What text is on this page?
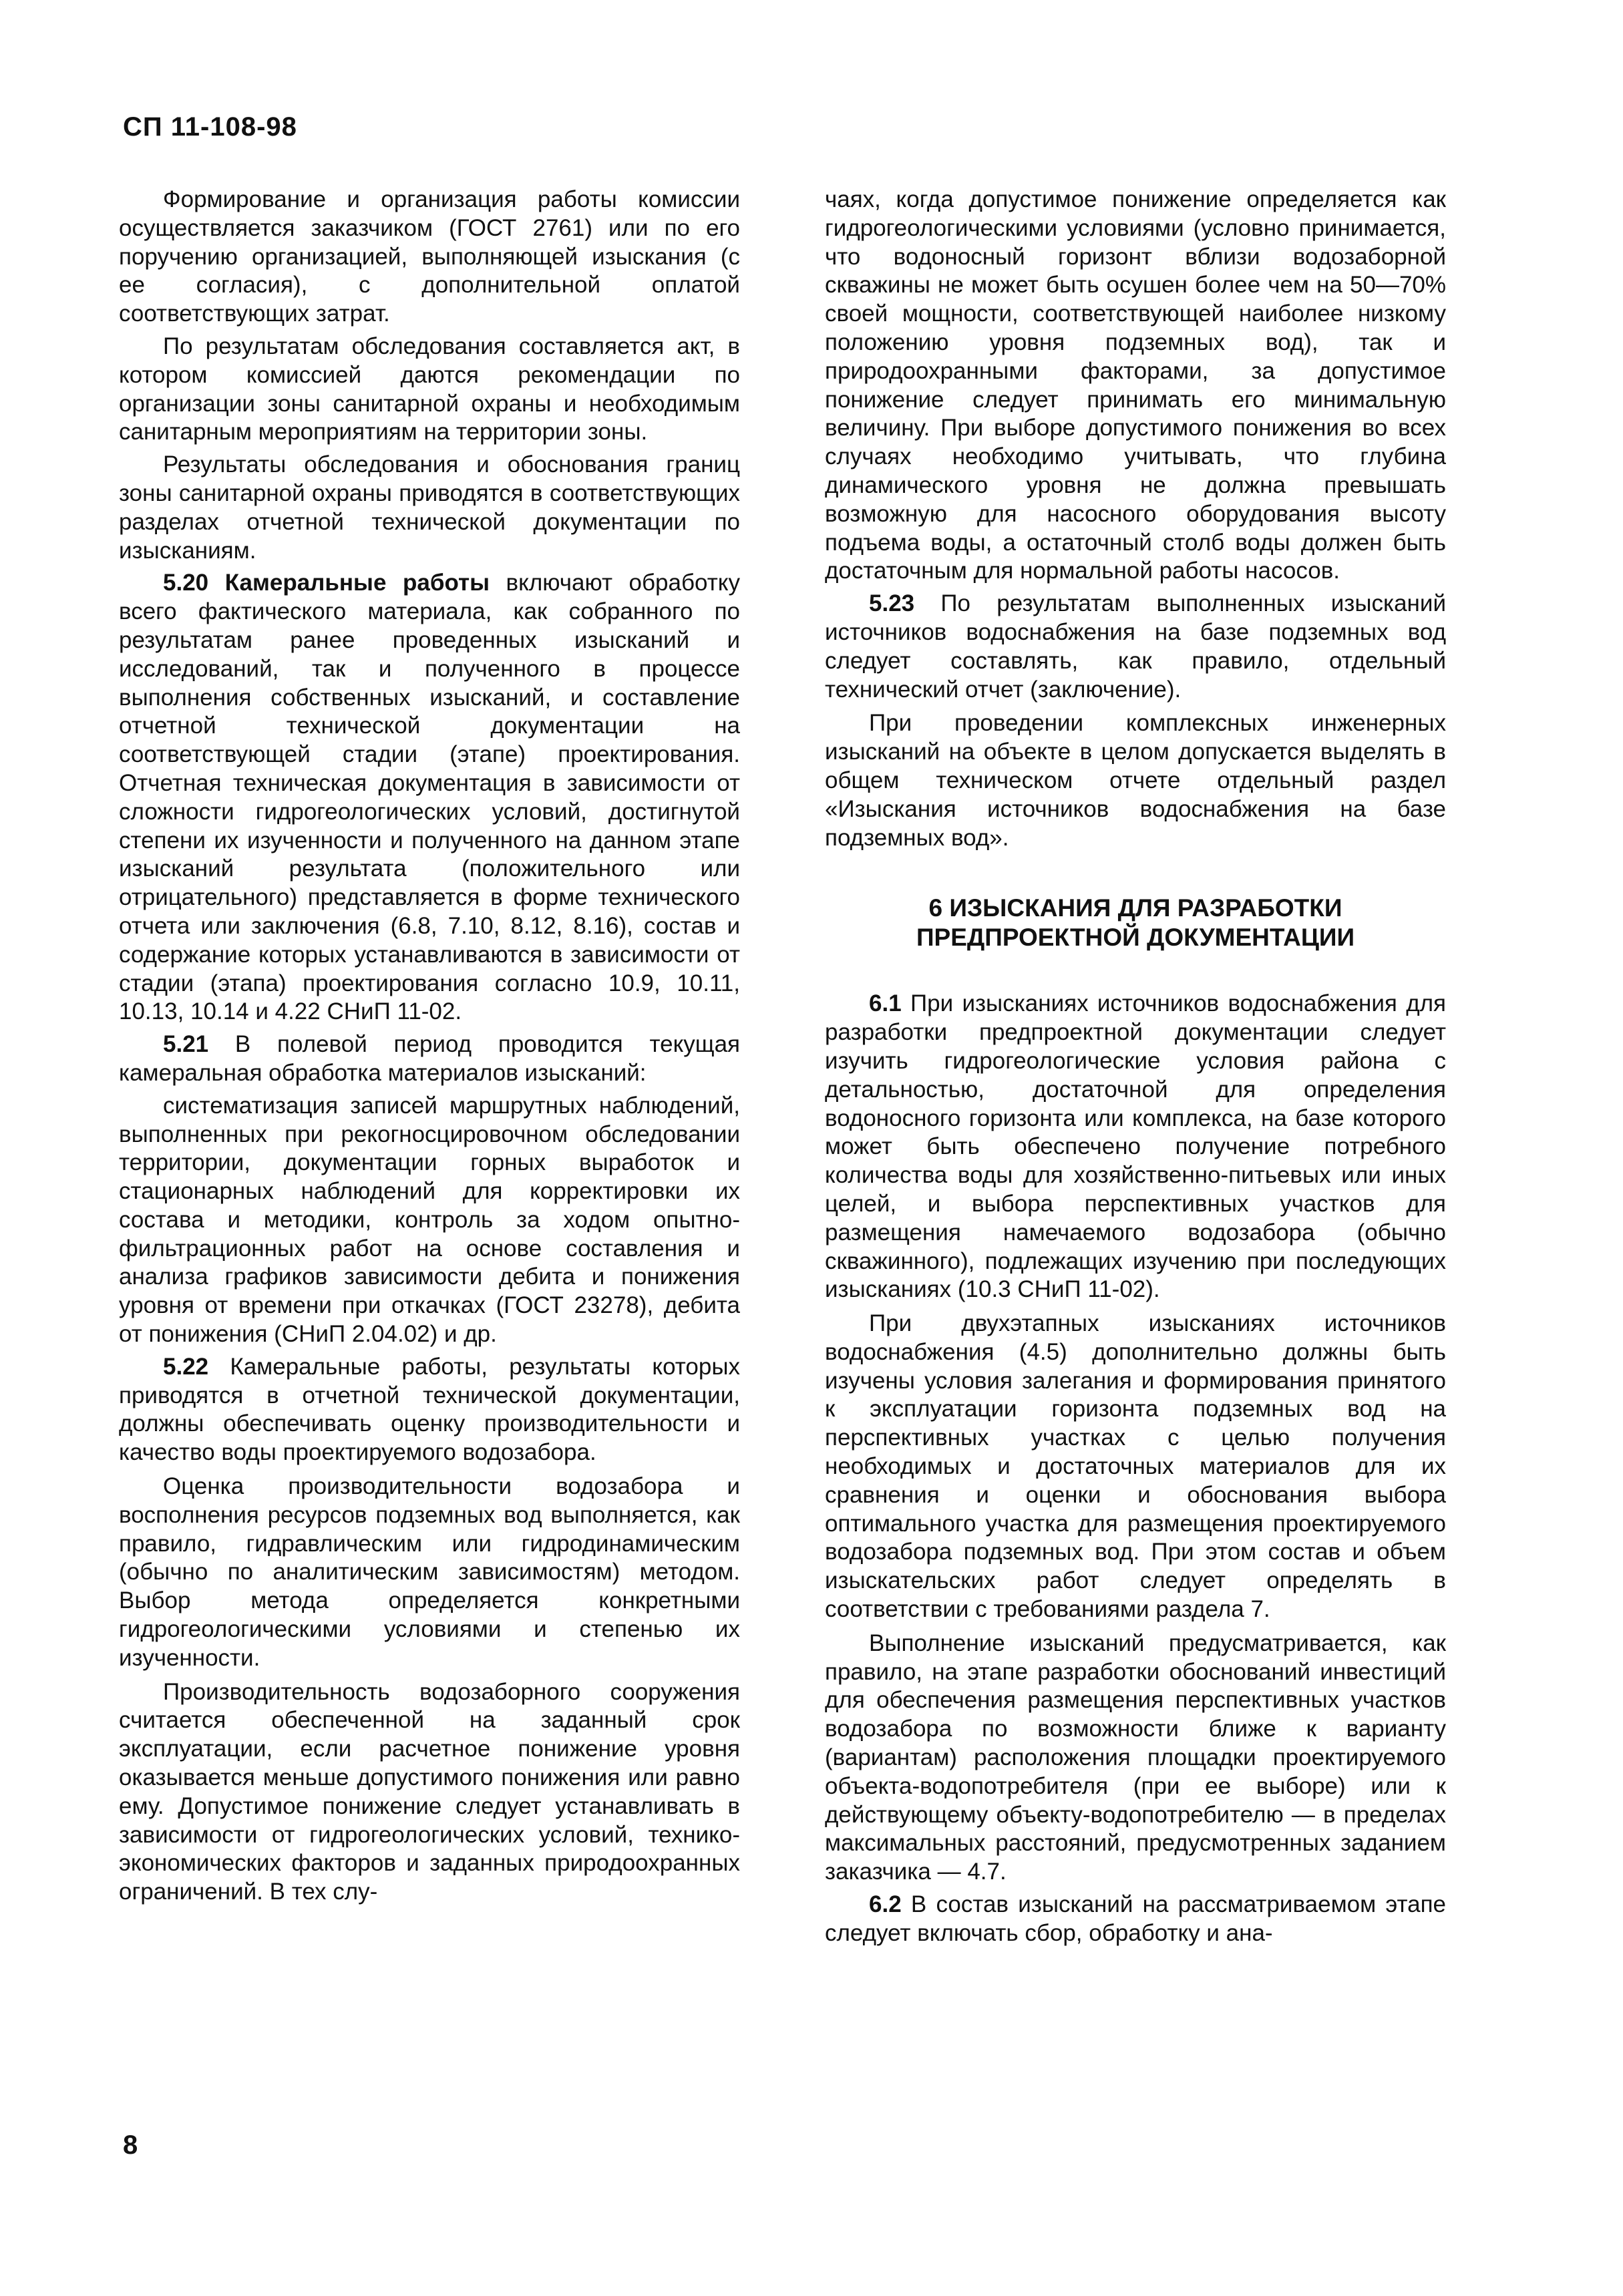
СП 11-108-98

Формирование и организация работы комиссии осуществляется заказчиком (ГОСТ 2761) или по его поручению организацией, выполняющей изыскания (с ее согласия), с дополнительной оплатой соответствующих затрат.

По результатам обследования составляется акт, в котором комиссией даются рекомендации по организации зоны санитарной охраны и необходимым санитарным мероприятиям на территории зоны.

Результаты обследования и обоснования границ зоны санитарной охраны приводятся в соответствующих разделах отчетной технической документации по изысканиям.

5.20 Камеральные работы включают обработку всего фактического материала, как собранного по результатам ранее проведенных изысканий и исследований, так и полученного в процессе выполнения собственных изысканий, и составление отчетной технической документации на соответствующей стадии (этапе) проектирования. Отчетная техническая документация в зависимости от сложности гидрогеологических условий, достигнутой степени их изученности и полученного на данном этапе изысканий результата (положительного или отрицательного) представляется в форме технического отчета или заключения (6.8, 7.10, 8.12, 8.16), состав и содержание которых устанавливаются в зависимости от стадии (этапа) проектирования согласно 10.9, 10.11, 10.13, 10.14 и 4.22 СНиП 11-02.

5.21 В полевой период проводится текущая камеральная обработка материалов изысканий:

систематизация записей маршрутных наблюдений, выполненных при рекогносцировочном обследовании территории, документации горных выработок и стационарных наблюдений для корректировки их состава и методики, контроль за ходом опытно-фильтрационных работ на основе составления и анализа графиков зависимости дебита и понижения уровня от времени при откачках (ГОСТ 23278), дебита от понижения (СНиП 2.04.02) и др.

5.22 Камеральные работы, результаты которых приводятся в отчетной технической документации, должны обеспечивать оценку производительности и качество воды проектируемого водозабора.

Оценка производительности водозабора и восполнения ресурсов подземных вод выполняется, как правило, гидравлическим или гидродинамическим (обычно по аналитическим зависимостям) методом. Выбор метода определяется конкретными гидрогеологическими условиями и степенью их изученности.

Производительность водозаборного сооружения считается обеспеченной на заданный срок эксплуатации, если расчетное понижение уровня оказывается меньше допустимого понижения или равно ему. Допустимое понижение следует устанавливать в зависимости от гидрогеологических условий, технико-экономических факторов и заданных природоохранных ограничений. В тех слу-

чаях, когда допустимое понижение определяется как гидрогеологическими условиями (условно принимается, что водоносный горизонт вблизи водозаборной скважины не может быть осушен более чем на 50—70% своей мощности, соответствующей наиболее низкому положению уровня подземных вод), так и природоохранными факторами, за допустимое понижение следует принимать его минимальную величину. При выборе допустимого понижения во всех случаях необходимо учитывать, что глубина динамического уровня не должна превышать возможную для насосного оборудования высоту подъема воды, а остаточный столб воды должен быть достаточным для нормальной работы насосов.

5.23 По результатам выполненных изысканий источников водоснабжения на базе подземных вод следует составлять, как правило, отдельный технический отчет (заключение).

При проведении комплексных инженерных изысканий на объекте в целом допускается выделять в общем техническом отчете отдельный раздел «Изыскания источников водоснабжения на базе подземных вод».

6 ИЗЫСКАНИЯ ДЛЯ РАЗРАБОТКИ
ПРЕДПРОЕКТНОЙ ДОКУМЕНТАЦИИ

6.1 При изысканиях источников водоснабжения для разработки предпроектной документации следует изучить гидрогеологические условия района с детальностью, достаточной для определения водоносного горизонта или комплекса, на базе которого может быть обеспечено получение потребного количества воды для хозяйственно-питьевых или иных целей, и выбора перспективных участков для размещения намечаемого водозабора (обычно скважинного), подлежащих изучению при последующих изысканиях (10.3 СНиП 11-02).

При двухэтапных изысканиях источников водоснабжения (4.5) дополнительно должны быть изучены условия залегания и формирования принятого к эксплуатации горизонта подземных вод на перспективных участках с целью получения необходимых и достаточных материалов для их сравнения и оценки и обоснования выбора оптимального участка для размещения проектируемого водозабора подземных вод. При этом состав и объем изыскательских работ следует определять в соответствии с требованиями раздела 7.

Выполнение изысканий предусматривается, как правило, на этапе разработки обоснований инвестиций для обеспечения размещения перспективных участков водозабора по возможности ближе к варианту (вариантам) расположения площадки проектируемого объекта-водопотребителя (при ее выборе) или к действующему объекту-водопотребителю — в пределах максимальных расстояний, предусмотренных заданием заказчика — 4.7.

6.2 В состав изысканий на рассматриваемом этапе следует включать сбор, обработку и ана-

8
